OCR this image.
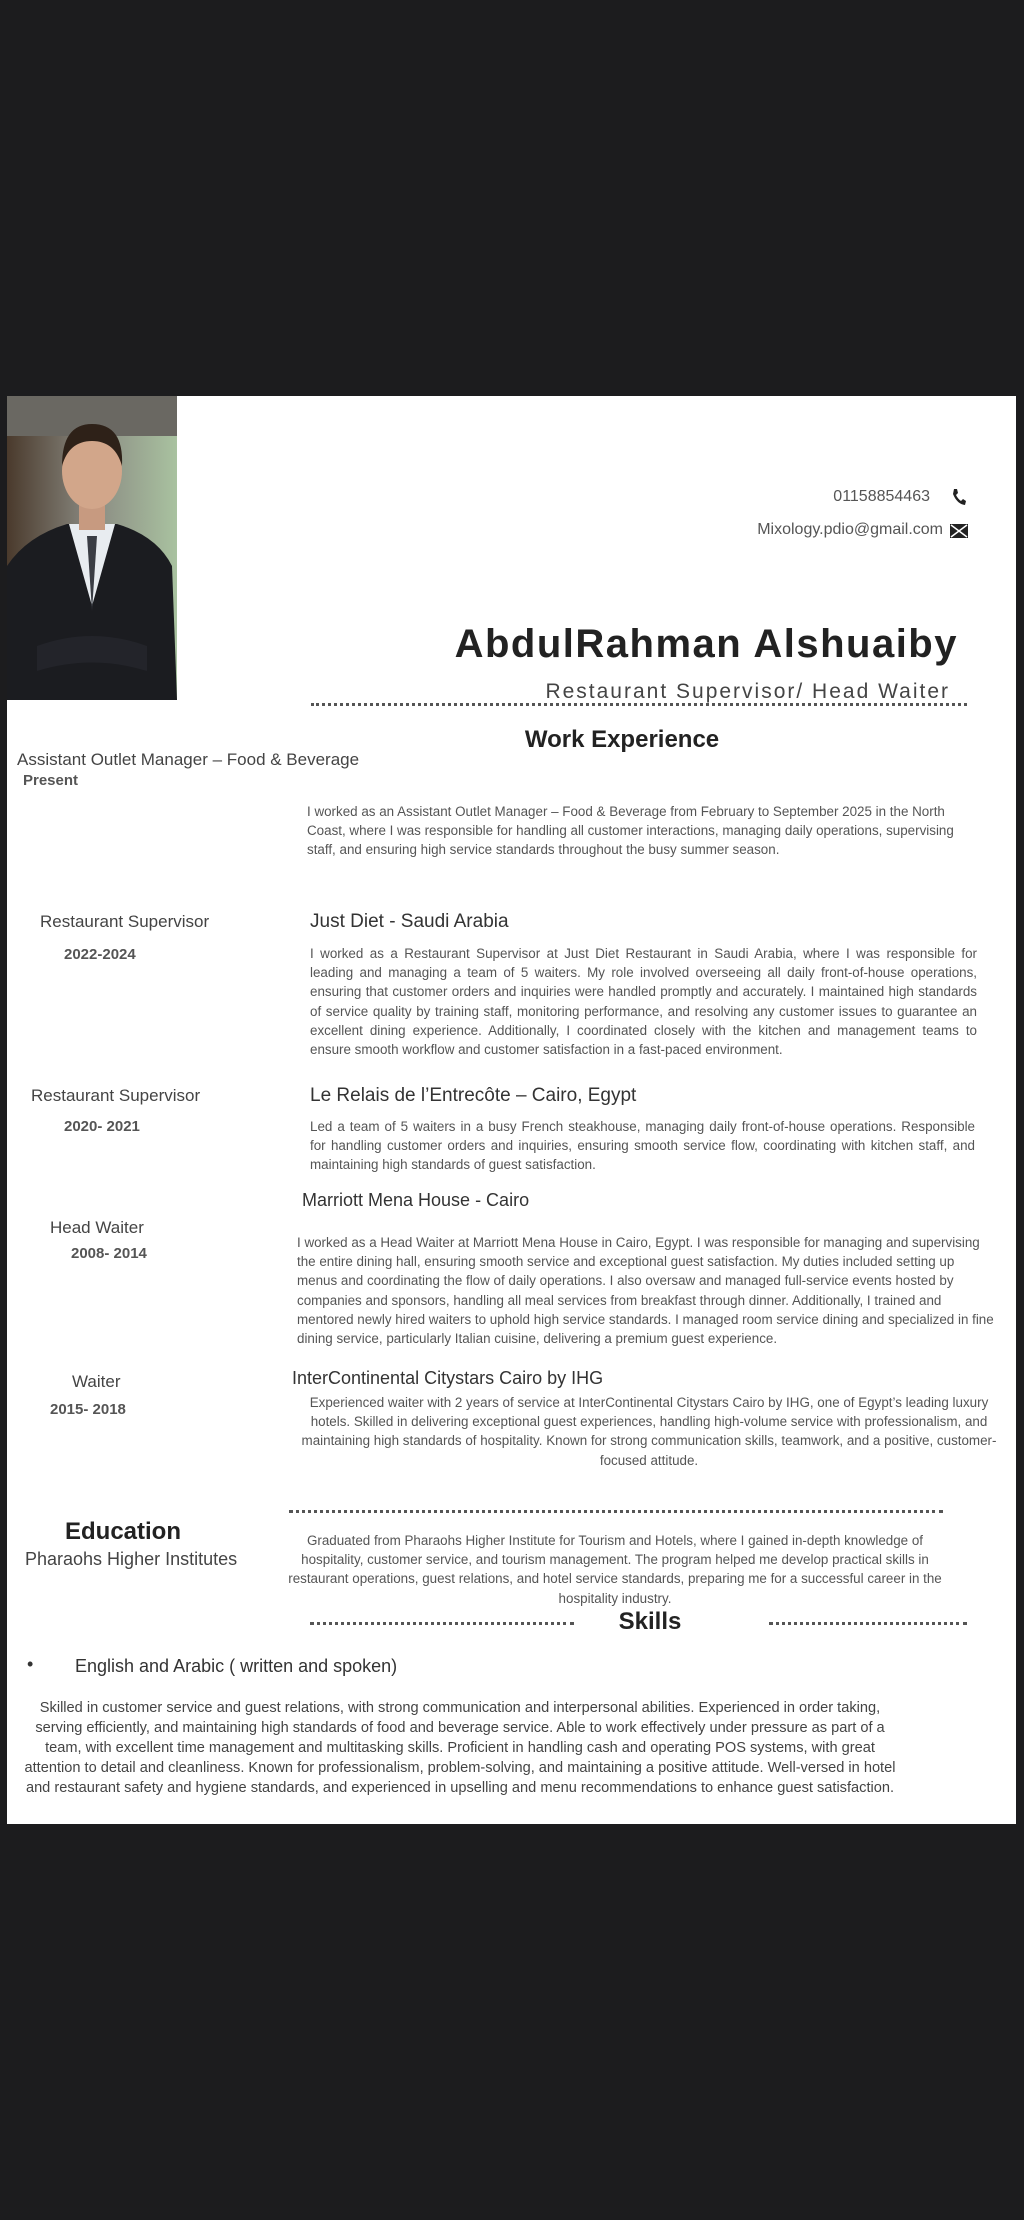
01158854463
Mixology.pdio@gmail.com
AbdulRahman Alshuaiby
Restaurant Supervisor/ Head Waiter
Work Experience
Assistant Outlet Manager – Food & Beverage
Present
I worked as an Assistant Outlet Manager – Food & Beverage from February to September 2025 in the North Coast, where I was responsible for handling all customer interactions, managing daily operations, supervising staff, and ensuring high service standards throughout the busy summer season.
Restaurant Supervisor
2022-2024
Just Diet - Saudi Arabia
I worked as a Restaurant Supervisor at Just Diet Restaurant in Saudi Arabia, where I was responsible for leading and managing a team of 5 waiters. My role involved overseeing all daily front-of-house operations, ensuring that customer orders and inquiries were handled promptly and accurately. I maintained high standards of service quality by training staff, monitoring performance, and resolving any customer issues to guarantee an excellent dining experience. Additionally, I coordinated closely with the kitchen and management teams to ensure smooth workflow and customer satisfaction in a fast-paced environment.
Restaurant Supervisor
2020- 2021
Le Relais de l’Entrecôte – Cairo, Egypt
Led a team of 5 waiters in a busy French steakhouse, managing daily front-of-house operations. Responsible for handling customer orders and inquiries, ensuring smooth service flow, coordinating with kitchen staff, and maintaining high standards of guest satisfaction.
Head Waiter
2008- 2014
Marriott Mena House - Cairo
I worked as a Head Waiter at Marriott Mena House in Cairo, Egypt. I was responsible for managing and supervising the entire dining hall, ensuring smooth service and exceptional guest satisfaction. My duties included setting up menus and coordinating the flow of daily operations. I also oversaw and managed full-service events hosted by companies and sponsors, handling all meal services from breakfast through dinner. Additionally, I trained and mentored newly hired waiters to uphold high service standards. I managed room service dining and specialized in fine dining service, particularly Italian cuisine, delivering a premium guest experience.
Waiter
2015- 2018
InterContinental Citystars Cairo by IHG
Experienced waiter with 2 years of service at InterContinental Citystars Cairo by IHG, one of Egypt’s leading luxury hotels. Skilled in delivering exceptional guest experiences, handling high-volume service with professionalism, and maintaining high standards of hospitality. Known for strong communication skills, teamwork, and a positive, customer-focused attitude.
Education
Pharaohs Higher Institutes
Graduated from Pharaohs Higher Institute for Tourism and Hotels, where I gained in-depth knowledge of hospitality, customer service, and tourism management. The program helped me develop practical skills in restaurant operations, guest relations, and hotel service standards, preparing me for a successful career in the hospitality industry.
Skills
• English and Arabic ( written and spoken)
Skilled in customer service and guest relations, with strong communication and interpersonal abilities. Experienced in order taking, serving efficiently, and maintaining high standards of food and beverage service. Able to work effectively under pressure as part of a team, with excellent time management and multitasking skills. Proficient in handling cash and operating POS systems, with great attention to detail and cleanliness. Known for professionalism, problem-solving, and maintaining a positive attitude. Well-versed in hotel and restaurant safety and hygiene standards, and experienced in upselling and menu recommendations to enhance guest satisfaction.
